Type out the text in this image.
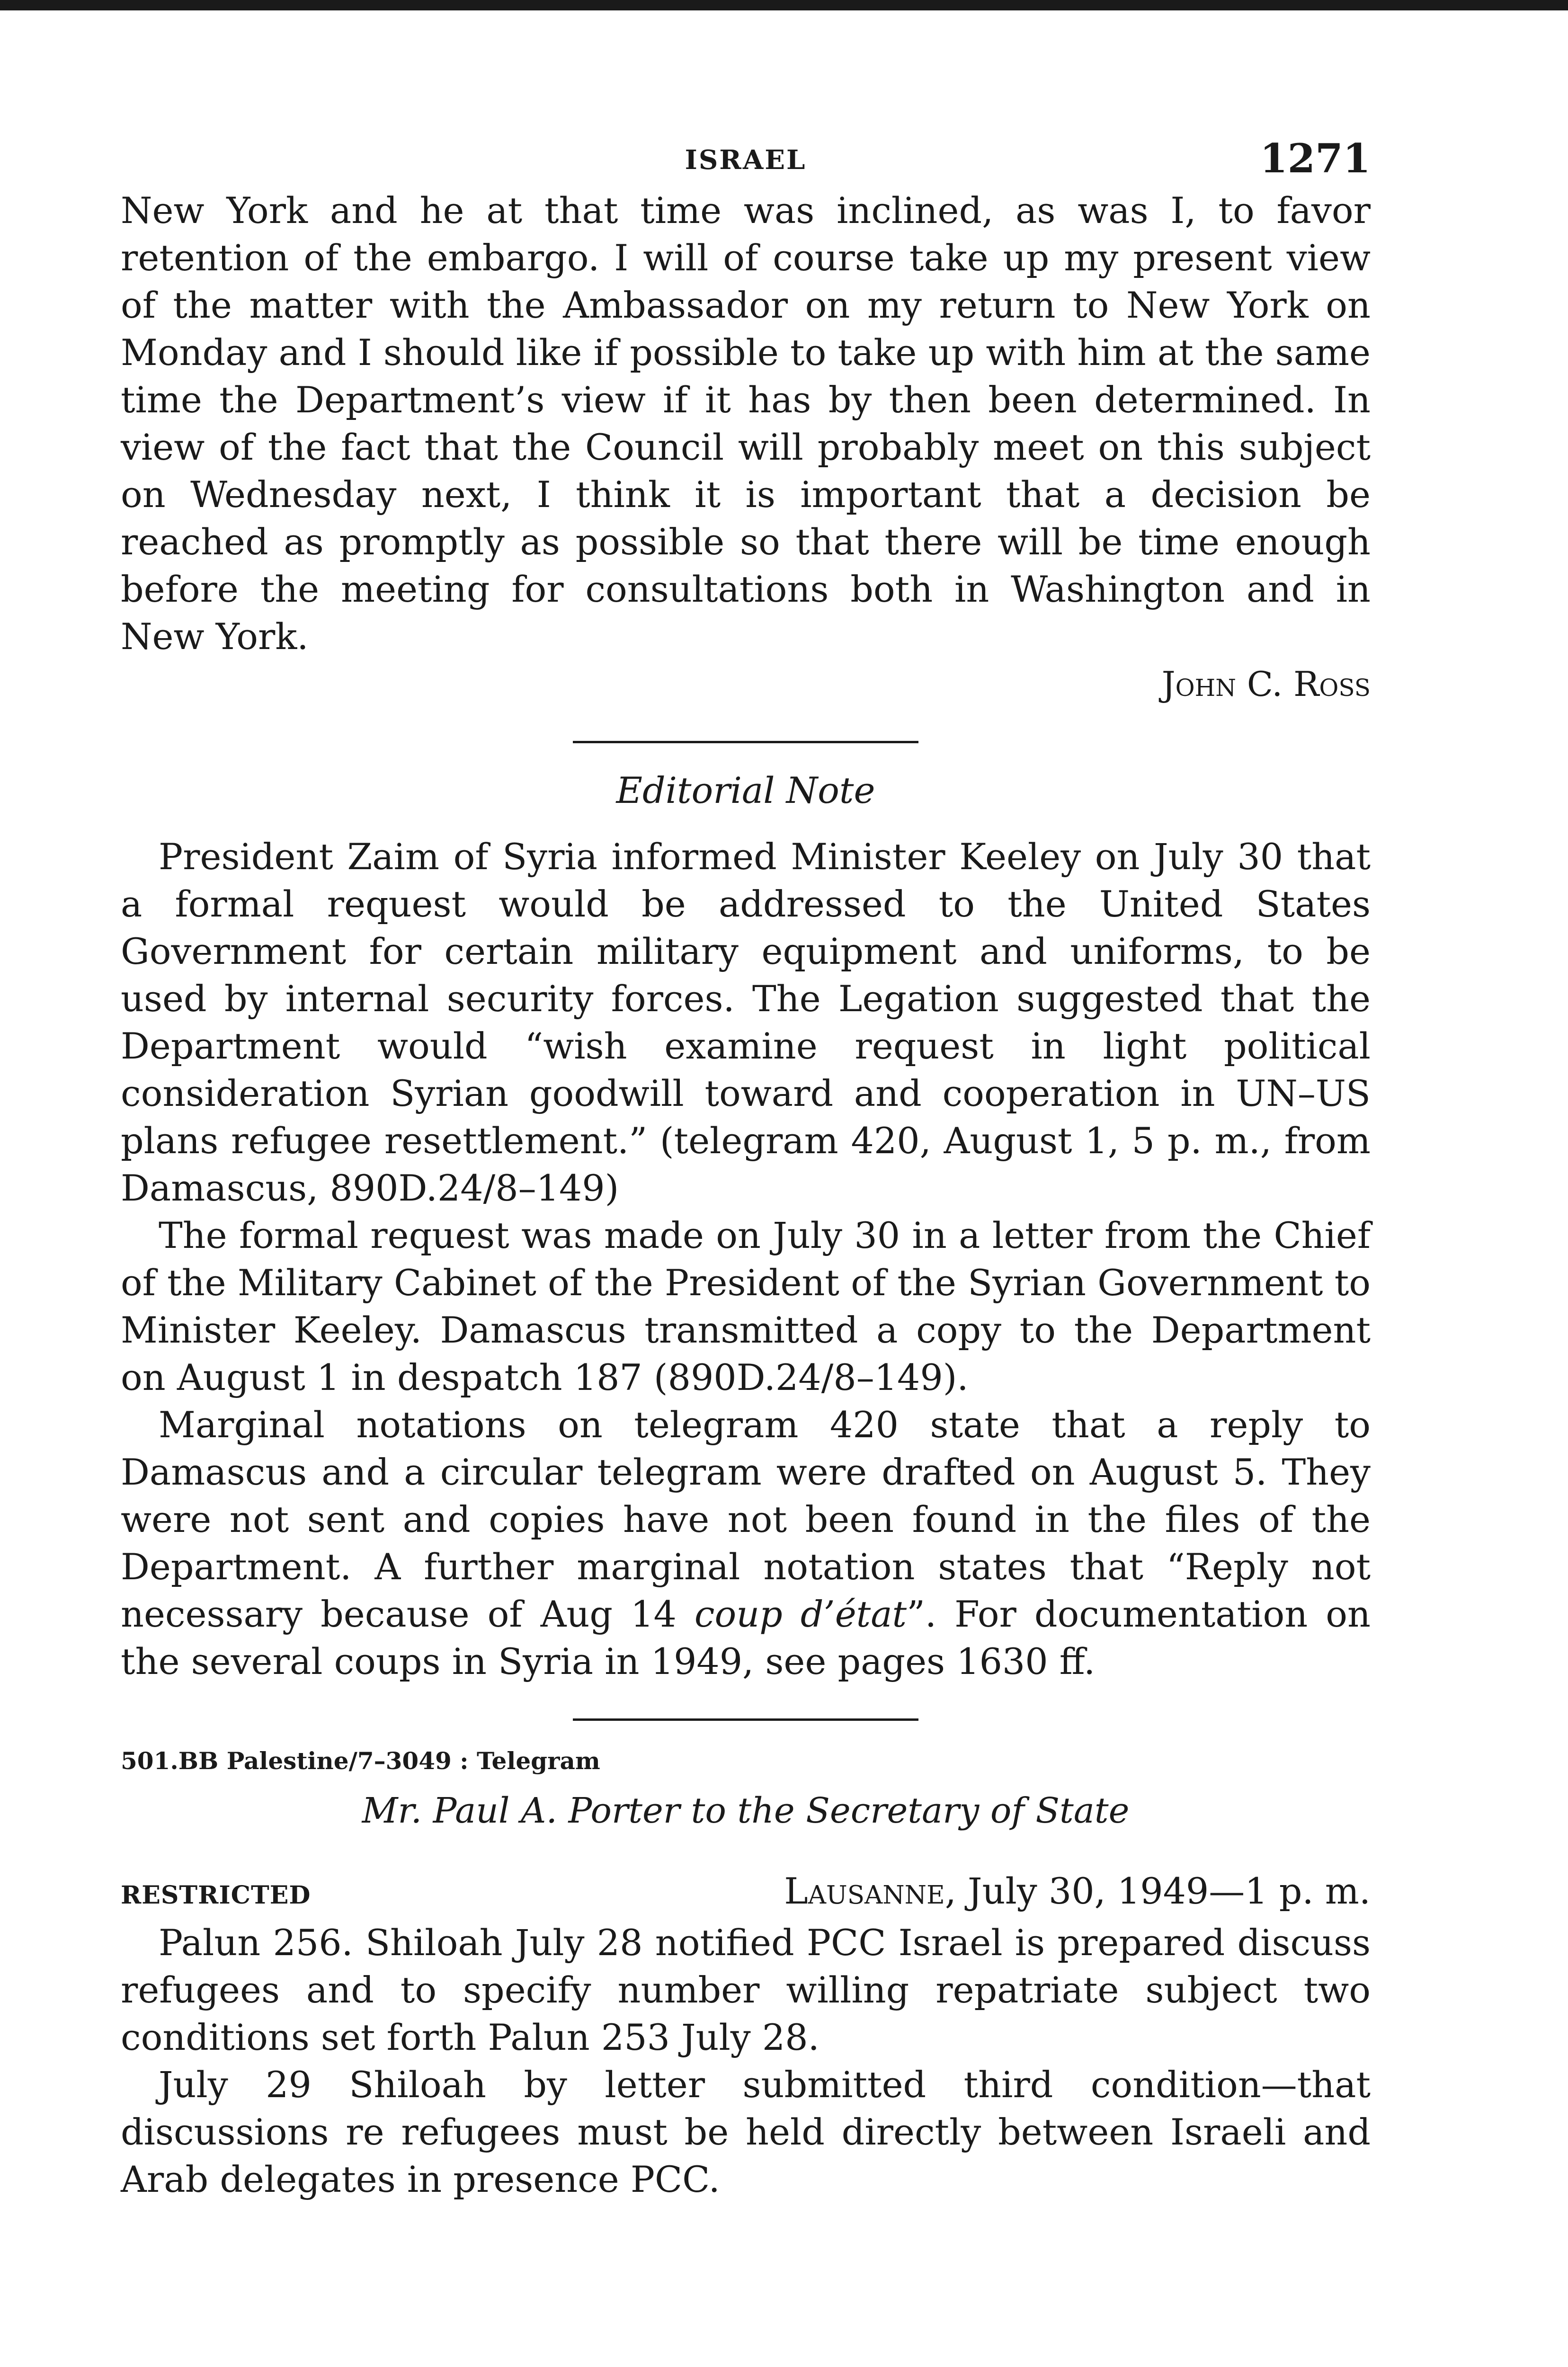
ISRAEL	1271

New York and he at that time was inclined, as was I, to favor retention of the embargo. I will of course take up my present view of the matter with the Ambassador on my return to New York on Monday and I should like if possible to take up with him at the same time the Department’s view if it has by then been determined. In view of the fact that the Council will probably meet on this subject on Wednesday next, I think it is important that a decision be reached as promptly as possible so that there will be time enough before the meeting for consultations both in Washington and in New York.

John C. Ross
Editorial Note

President Zaim of Syria informed Minister Keeley on July 30 that a formal request would be addressed to the United States Government for certain military equipment and uniforms, to be used by internal security forces. The Legation suggested that the Department would “wish examine request in light political consideration Syrian goodwill toward and cooperation in UN–US plans refugee resettlement.” (telegram 420, August 1, 5 p. m., from Damascus, 890D.24/8–149)

The formal request was made on July 30 in a letter from the Chief of the Military Cabinet of the President of the Syrian Government to Minister Keeley. Damascus transmitted a copy to the Department on August 1 in despatch 187 (890D.24/8–149).

Marginal notations on telegram 420 state that a reply to Damascus and a circular telegram were drafted on August 5. They were not sent and copies have not been found in the files of the Department. A further marginal notation states that “Reply not necessary because of Aug 14 coup d’état”. For documentation on the several coups in Syria in 1949, see pages 1630 ff.

501.BB Palestine/7–3049 : Telegram
Mr. Paul A. Porter to the Secretary of State
RESTRICTED	Lausanne, July 30, 1949—1 p. m.

Palun 256. Shiloah July 28 notified PCC Israel is prepared discuss refugees and to specify number willing repatriate subject two conditions set forth Palun 253 July 28.

July 29 Shiloah by letter submitted third condition—that discussions re refugees must be held directly between Israeli and Arab delegates in presence PCC.
